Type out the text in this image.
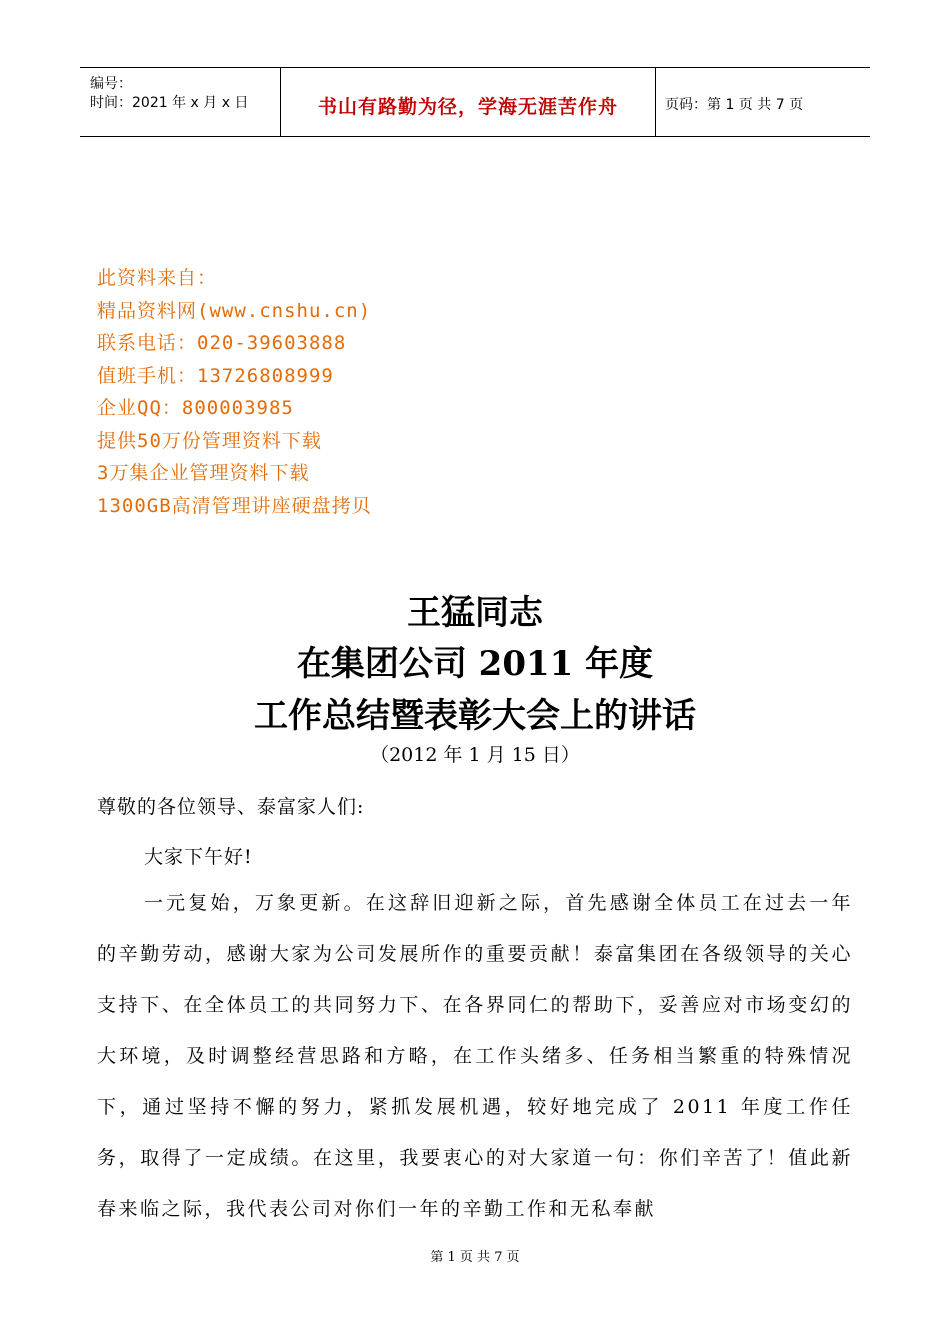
编号：
时间：2021 年 x 月 x 日	书山有路勤为径，学海无涯苦作舟	页码：第 1 页 共 7 页
此资料来自：
精品资料网(www.cnshu.cn)
联系电话：020-39603888
值班手机：13726808999
企业QQ：800003985
提供50万份管理资料下载
3万集企业管理资料下载
1300GB高清管理讲座硬盘拷贝
王猛同志
在集团公司 2011 年度
工作总结暨表彰大会上的讲话
（2012 年 1 月 15 日）
尊敬的各位领导、泰富家人们:
大家下午好!
一元复始，万象更新。在这辞旧迎新之际，首先感谢全体员工在过去一年的辛勤劳动，感谢大家为公司发展所作的重要贡献！泰富集团在各级领导的关心支持下、在全体员工的共同努力下、在各界同仁的帮助下，妥善应对市场变幻的大环境，及时调整经营思路和方略，在工作头绪多、任务相当繁重的特殊情况下，通过坚持不懈的努力，紧抓发展机遇，较好地完成了 2011 年度工作任务，取得了一定成绩。在这里，我要衷心的对大家道一句：你们辛苦了！值此新春来临之际，我代表公司对你们一年的辛勤工作和无私奉献
第 1 页 共 7 页
